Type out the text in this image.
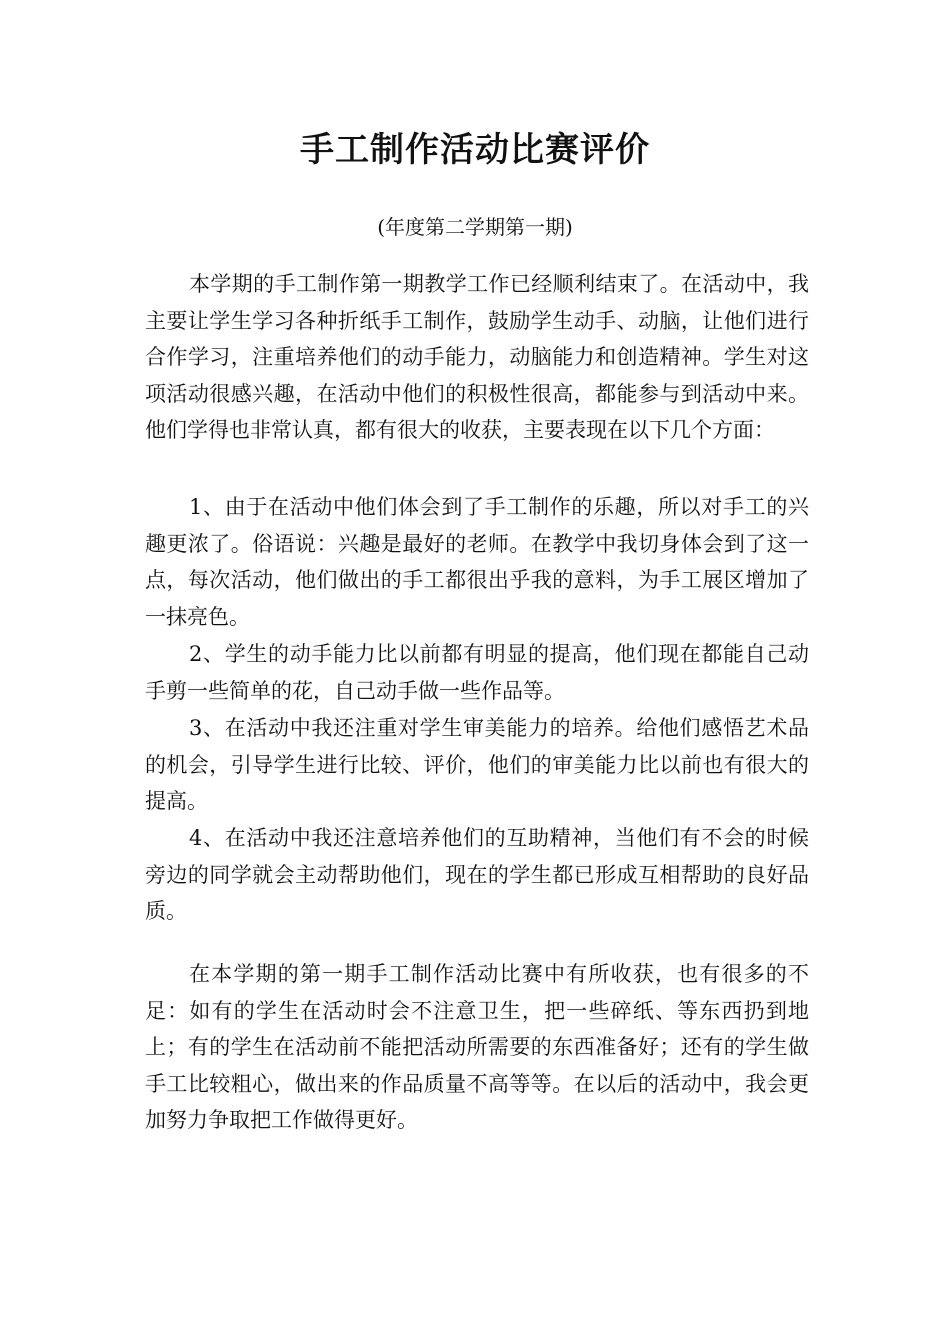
手工制作活动比赛评价

(年度第二学期第一期)

本学期的手工制作第一期教学工作已经顺利结束了。在活动中，我主要让学生学习各种折纸手工制作，鼓励学生动手、动脑，让他们进行合作学习，注重培养他们的动手能力，动脑能力和创造精神。学生对这项活动很感兴趣，在活动中他们的积极性很高，都能参与到活动中来。他们学得也非常认真，都有很大的收获，主要表现在以下几个方面：

1、由于在活动中他们体会到了手工制作的乐趣，所以对手工的兴趣更浓了。俗语说：兴趣是最好的老师。在教学中我切身体会到了这一点，每次活动，他们做出的手工都很出乎我的意料，为手工展区增加了一抹亮色。

2、学生的动手能力比以前都有明显的提高，他们现在都能自己动手剪一些简单的花，自己动手做一些作品等。

3、在活动中我还注重对学生审美能力的培养。给他们感悟艺术品的机会，引导学生进行比较、评价，他们的审美能力比以前也有很大的提高。

4、在活动中我还注意培养他们的互助精神，当他们有不会的时候旁边的同学就会主动帮助他们，现在的学生都已形成互相帮助的良好品质。

在本学期的第一期手工制作活动比赛中有所收获，也有很多的不足：如有的学生在活动时会不注意卫生，把一些碎纸、等东西扔到地上；有的学生在活动前不能把活动所需要的东西准备好；还有的学生做手工比较粗心，做出来的作品质量不高等等。在以后的活动中，我会更加努力争取把工作做得更好。
